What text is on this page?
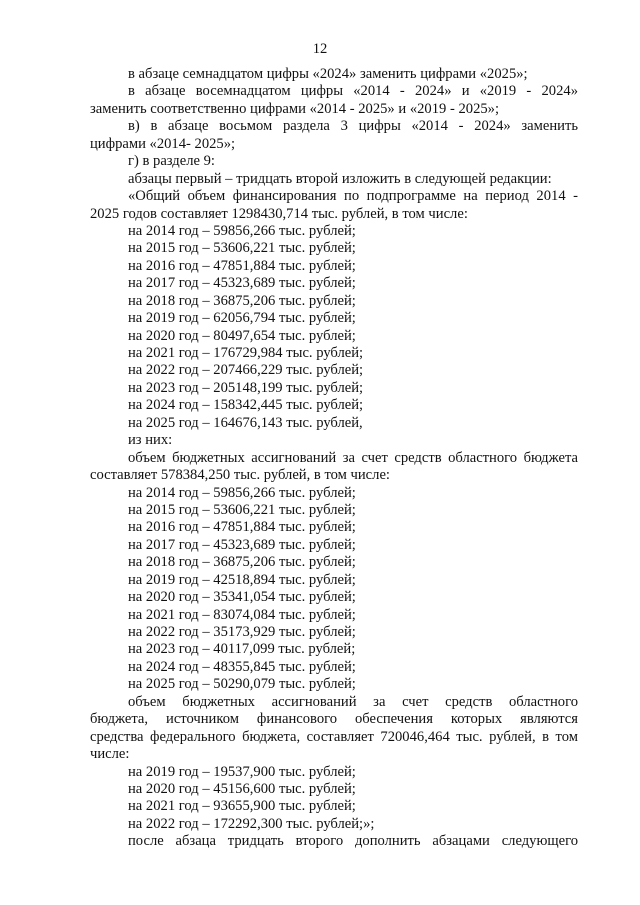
12
в абзаце семнадцатом цифры «2024» заменить цифрами «2025»;
в абзаце восемнадцатом цифры «2014 - 2024» и «2019 - 2024»
заменить соответственно цифрами «2014 - 2025» и «2019 - 2025»;
в) в абзаце восьмом раздела 3 цифры «2014 - 2024» заменить
цифрами «2014- 2025»;
г) в разделе 9:
абзацы первый – тридцать второй изложить в следующей редакции:
«Общий объем финансирования по подпрограмме на период 2014 -
2025 годов составляет 1298430,714 тыс. рублей, в том числе:
на 2014 год – 59856,266 тыс. рублей;
на 2015 год – 53606,221 тыс. рублей;
на 2016 год – 47851,884 тыс. рублей;
на 2017 год – 45323,689 тыс. рублей;
на 2018 год – 36875,206 тыс. рублей;
на 2019 год – 62056,794 тыс. рублей;
на 2020 год – 80497,654 тыс. рублей;
на 2021 год – 176729,984 тыс. рублей;
на 2022 год – 207466,229 тыс. рублей;
на 2023 год – 205148,199 тыс. рублей;
на 2024 год – 158342,445 тыс. рублей;
на 2025 год – 164676,143 тыс. рублей,
из них:
объем бюджетных ассигнований за счет средств областного бюджета
составляет 578384,250 тыс. рублей, в том числе:
на 2014 год – 59856,266 тыс. рублей;
на 2015 год – 53606,221 тыс. рублей;
на 2016 год – 47851,884 тыс. рублей;
на 2017 год – 45323,689 тыс. рублей;
на 2018 год – 36875,206 тыс. рублей;
на 2019 год – 42518,894 тыс. рублей;
на 2020 год – 35341,054 тыс. рублей;
на 2021 год – 83074,084 тыс. рублей;
на 2022 год – 35173,929 тыс. рублей;
на 2023 год – 40117,099 тыс. рублей;
на 2024 год – 48355,845 тыс. рублей;
на 2025 год – 50290,079 тыс. рублей;
объем бюджетных ассигнований за счет средств областного
бюджета, источником финансового обеспечения которых являются
средства федерального бюджета, составляет 720046,464 тыс. рублей, в том
числе:
на 2019 год – 19537,900 тыс. рублей;
на 2020 год – 45156,600 тыс. рублей;
на 2021 год – 93655,900 тыс. рублей;
на 2022 год – 172292,300 тыс. рублей;»;
после абзаца тридцать второго дополнить абзацами следующего
